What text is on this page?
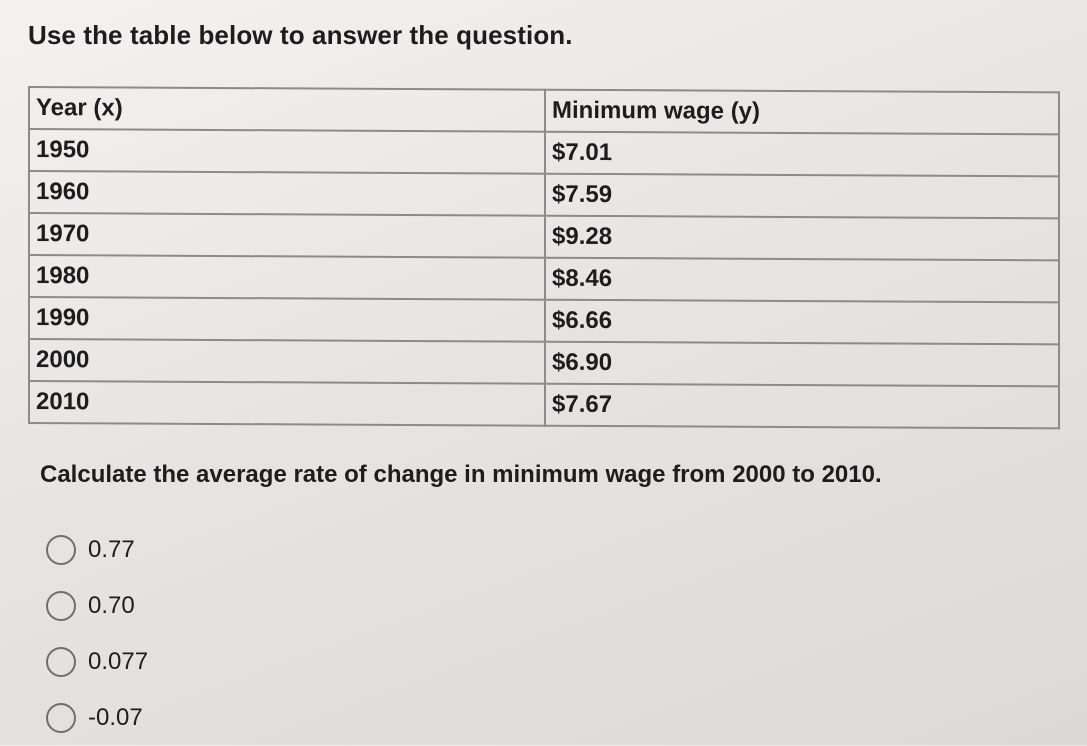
Use the table below to answer the question.
Year (x)	Minimum wage (y)
1950	$7.01
1960	$7.59
1970	$9.28
1980	$8.46
1990	$6.66
2000	$6.90
2010	$7.67
Calculate the average rate of change in minimum wage from 2000 to 2010.
0.77
0.70
0.077
-0.07
